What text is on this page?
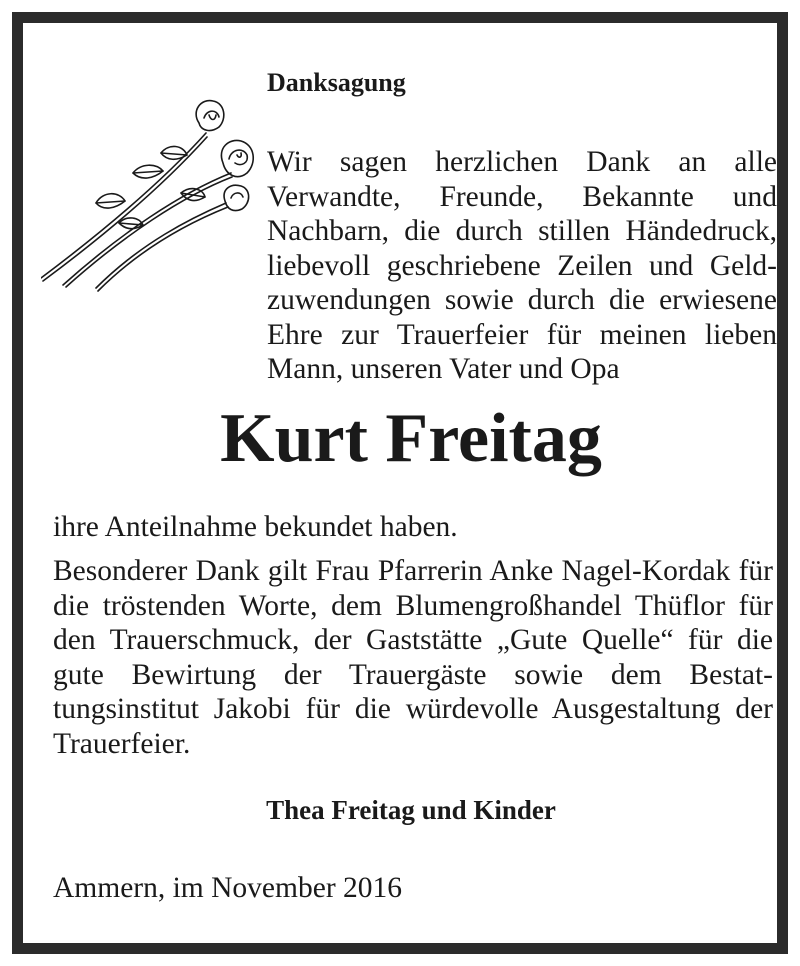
Danksagung
Wir sagen herzlichen Dank an alle Verwandte, Freunde, Bekannte und Nachbarn, die durch stillen Händedruck, liebevoll geschriebene Zeilen und Geld-zuwendungen sowie durch die erwiesene Ehre zur Trauerfeier für meinen lieben Mann, unseren Vater und Opa
Kurt Freitag
ihre Anteilnahme bekundet haben.
Besonderer Dank gilt Frau Pfarrerin Anke Nagel-Kordak für die tröstenden Worte, dem Blumengroßhandel Thüflor für den Trauerschmuck, der Gaststätte „Gute Quelle“ für die gute Bewirtung der Trauergäste sowie dem Bestat-tungsinstitut Jakobi für die würdevolle Ausgestaltung der Trauerfeier.
Thea Freitag und Kinder
Ammern, im November 2016
